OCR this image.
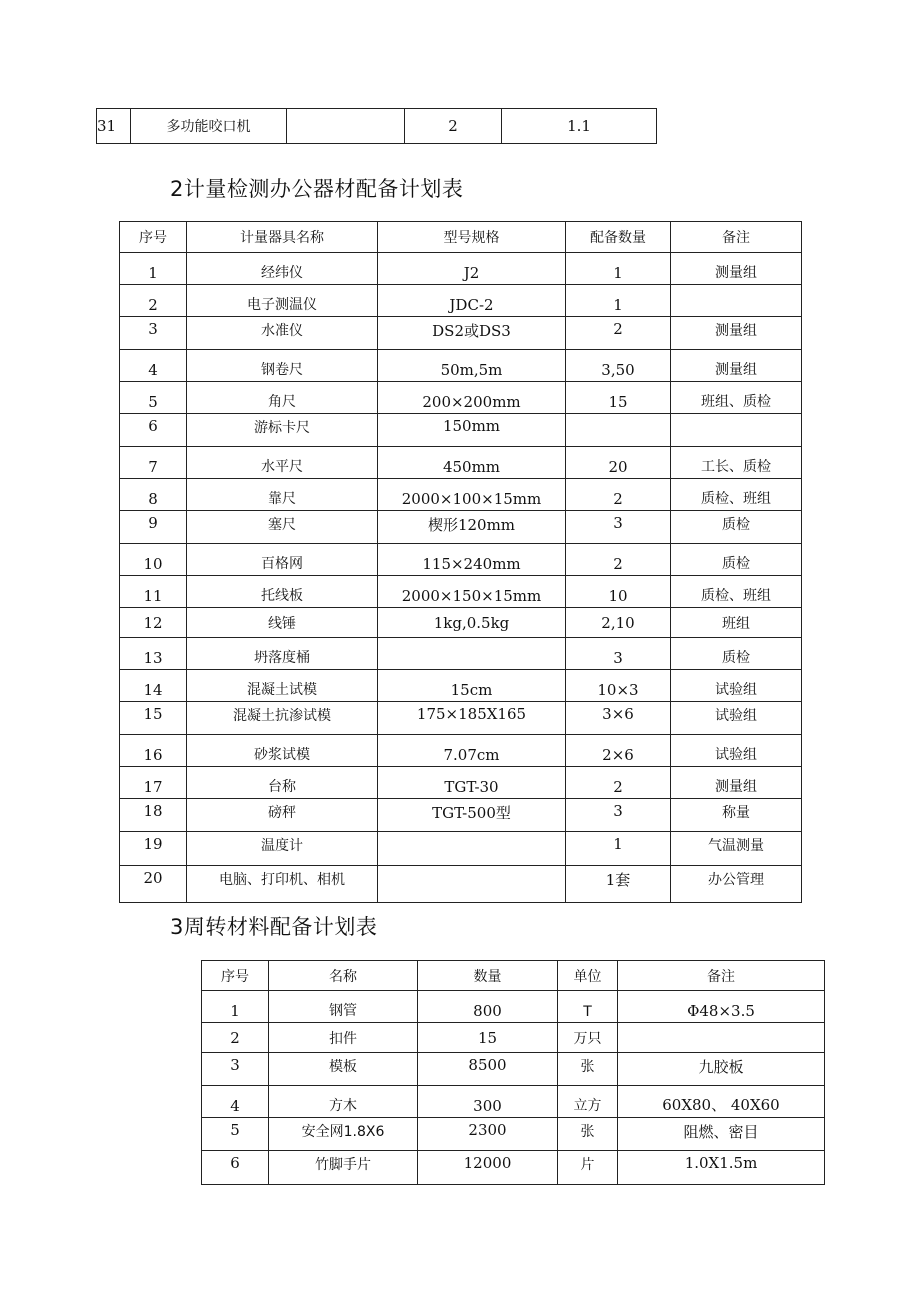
31	多功能咬口机		2	1.1
2计量检测办公器材配备计划表
序号	计量器具名称	型号规格	配备数量	备注
1	经纬仪	J2	1	测量组
2	电子测温仪	JDC-2	1	
3	水准仪	DS2或DS3	2	测量组
4	钢卷尺	50m,5m	3,50	测量组
5	角尺	200×200mm	15	班组、质检
6	游标卡尺	150mm		
7	水平尺	450mm	20	工长、质检
8	靠尺	2000×100×15mm	2	质检、班组
9	塞尺	楔形120mm	3	质检
10	百格网	115×240mm	2	质检
11	托线板	2000×150×15mm	10	质检、班组
12	线锤	1kg,0.5kg	2,10	班组
13	坍落度桶		3	质检
14	混凝土试模	15cm	10×3	试验组
15	混凝土抗渗试模	175×185X165	3×6	试验组
16	砂浆试模	7.07cm	2×6	试验组
17	台称	TGT-30	2	测量组
18	磅秤	TGT-500型	3	称量
19	温度计		1	气温测量
20	电脑、打印机、相机		1套	办公管理
3周转材料配备计划表
序号	名称	数量	单位	备注
1	钢管	800	T	Φ48×3.5
2	扣件	15	万只	
3	模板	8500	张	九胶板
4	方木	300	立方	60X80、 40X60
5	安全网1.8X6	2300	张	阻燃、密目
6	竹脚手片	12000	片	1.0X1.5m
